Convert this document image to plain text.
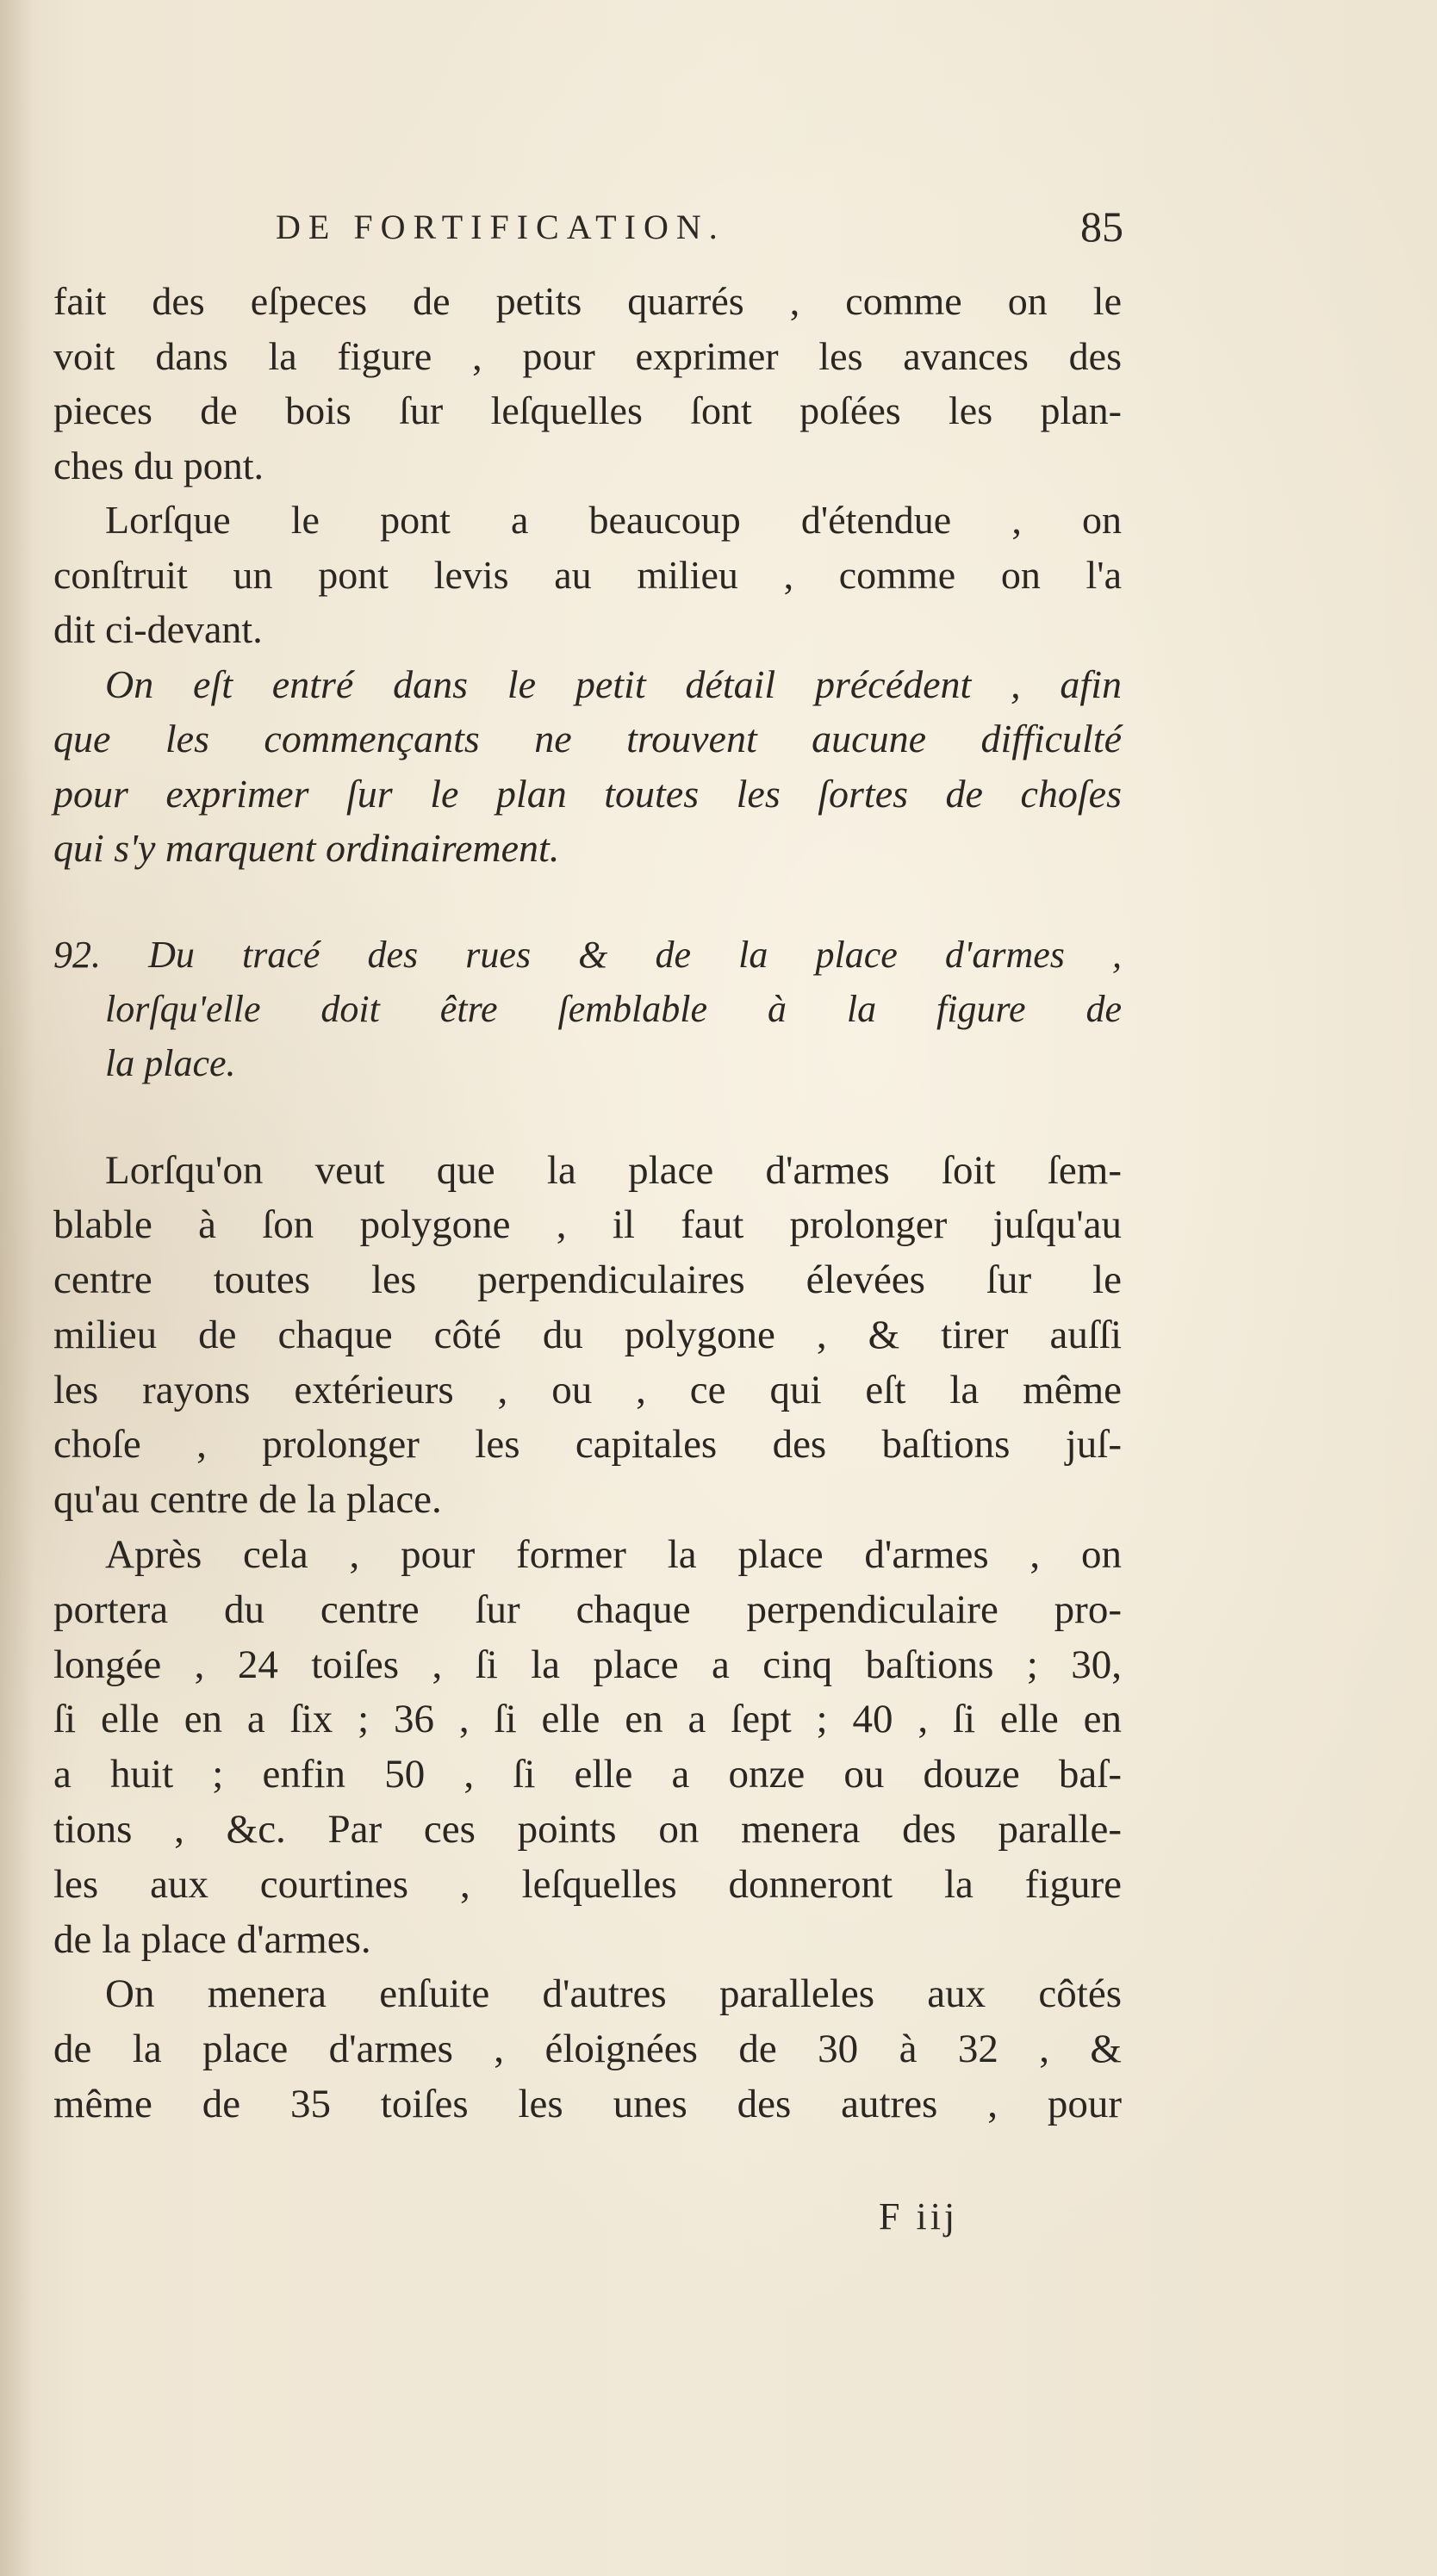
DE FORTIFICATION.	85
fait des eſpeces de petits quarrés , comme on le
voit dans la figure , pour exprimer les avances des
pieces de bois ſur leſquelles ſont poſées les plan-
ches du pont.
Lorſque le pont a beaucoup d'étendue , on
conſtruit un pont levis au milieu , comme on l'a
dit ci-devant.
On eſt entré dans le petit détail précédent , afin
que les commençants ne trouvent aucune difficulté
pour exprimer ſur le plan toutes les ſortes de choſes
qui s'y marquent ordinairement.
92. Du tracé des rues & de la place d'armes ,
lorſqu'elle doit être ſemblable à la figure de
la place.
Lorſqu'on veut que la place d'armes ſoit ſem-
blable à ſon polygone , il faut prolonger juſqu'au
centre toutes les perpendiculaires élevées ſur le
milieu de chaque côté du polygone , & tirer auſſi
les rayons extérieurs , ou , ce qui eſt la même
choſe , prolonger les capitales des baſtions juſ-
qu'au centre de la place.
Après cela , pour former la place d'armes , on
portera du centre ſur chaque perpendiculaire pro-
longée , 24 toiſes , ſi la place a cinq baſtions ; 30,
ſi elle en a ſix ; 36 , ſi elle en a ſept ; 40 , ſi elle en
a huit ; enfin 50 , ſi elle a onze ou douze baſ-
tions , &c. Par ces points on menera des paralle-
les aux courtines , leſquelles donneront la figure
de la place d'armes.
On menera enſuite d'autres paralleles aux côtés
de la place d'armes , éloignées de 30 à 32 , &
même de 35 toiſes les unes des autres , pour
F iij
